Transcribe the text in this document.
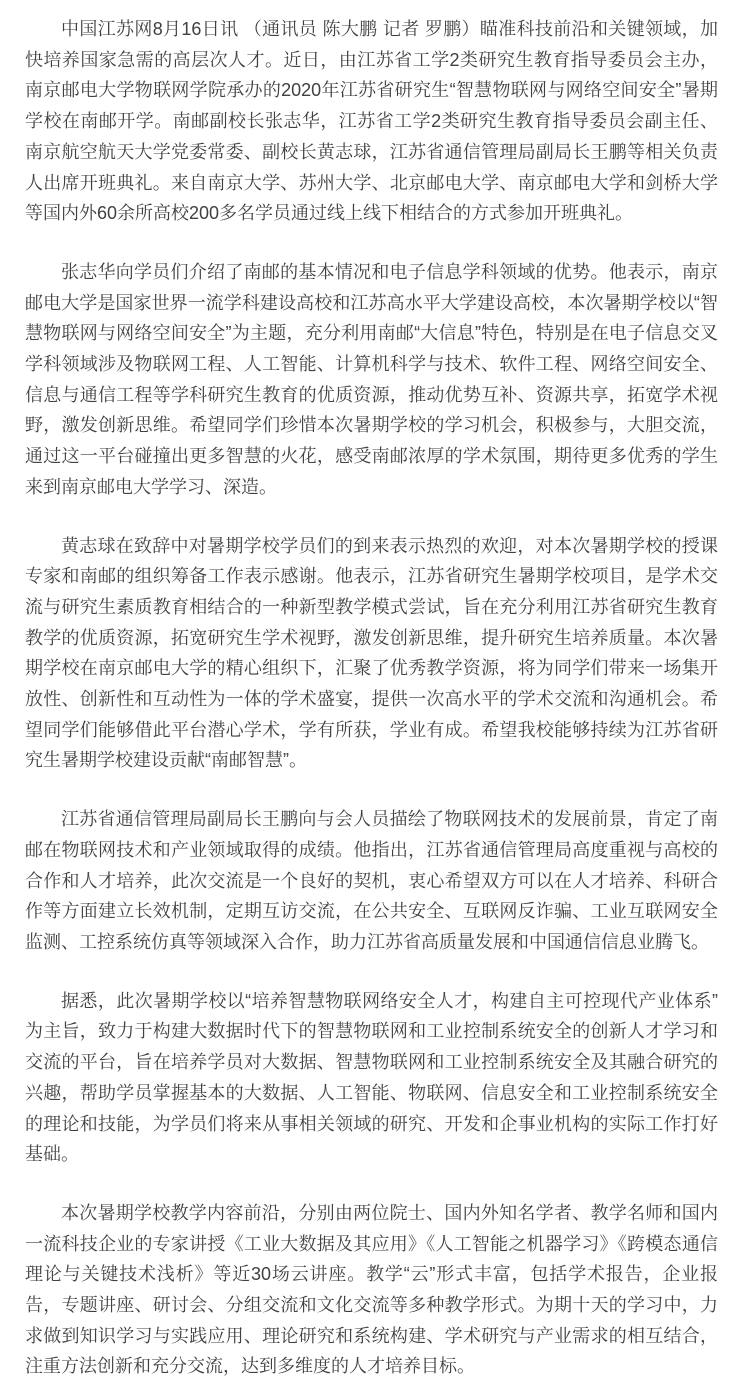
中国江苏网8月16日讯 （通讯员 陈大鹏 记者 罗鹏）瞄准科技前沿和关键领域，加快培养国家急需的高层次人才。近日，由江苏省工学2类研究生教育指导委员会主办，南京邮电大学物联网学院承办的2020年江苏省研究生“智慧物联网与网络空间安全”暑期学校在南邮开学。南邮副校长张志华，江苏省工学2类研究生教育指导委员会副主任、南京航空航天大学党委常委、副校长黄志球，江苏省通信管理局副局长王鹏等相关负责人出席开班典礼。来自南京大学、苏州大学、北京邮电大学、南京邮电大学和剑桥大学等国内外60余所高校200多名学员通过线上线下相结合的方式参加开班典礼。

张志华向学员们介绍了南邮的基本情况和电子信息学科领域的优势。他表示，南京邮电大学是国家世界一流学科建设高校和江苏高水平大学建设高校，本次暑期学校以“智慧物联网与网络空间安全”为主题，充分利用南邮“大信息”特色，特别是在电子信息交叉学科领域涉及物联网工程、人工智能、计算机科学与技术、软件工程、网络空间安全、信息与通信工程等学科研究生教育的优质资源，推动优势互补、资源共享，拓宽学术视野，激发创新思维。希望同学们珍惜本次暑期学校的学习机会，积极参与，大胆交流，通过这一平台碰撞出更多智慧的火花，感受南邮浓厚的学术氛围，期待更多优秀的学生来到南京邮电大学学习、深造。

黄志球在致辞中对暑期学校学员们的到来表示热烈的欢迎，对本次暑期学校的授课专家和南邮的组织筹备工作表示感谢。他表示，江苏省研究生暑期学校项目，是学术交流与研究生素质教育相结合的一种新型教学模式尝试，旨在充分利用江苏省研究生教育教学的优质资源，拓宽研究生学术视野，激发创新思维，提升研究生培养质量。本次暑期学校在南京邮电大学的精心组织下，汇聚了优秀教学资源，将为同学们带来一场集开放性、创新性和互动性为一体的学术盛宴，提供一次高水平的学术交流和沟通机会。希望同学们能够借此平台潜心学术，学有所获，学业有成。希望我校能够持续为江苏省研究生暑期学校建设贡献“南邮智慧”。

江苏省通信管理局副局长王鹏向与会人员描绘了物联网技术的发展前景，肯定了南邮在物联网技术和产业领域取得的成绩。他指出，江苏省通信管理局高度重视与高校的合作和人才培养，此次交流是一个良好的契机，衷心希望双方可以在人才培养、科研合作等方面建立长效机制，定期互访交流，在公共安全、互联网反诈骗、工业互联网安全监测、工控系统仿真等领域深入合作，助力江苏省高质量发展和中国通信信息业腾飞。

据悉，此次暑期学校以“培养智慧物联网络安全人才，构建自主可控现代产业体系”为主旨，致力于构建大数据时代下的智慧物联网和工业控制系统安全的创新人才学习和交流的平台，旨在培养学员对大数据、智慧物联网和工业控制系统安全及其融合研究的兴趣，帮助学员掌握基本的大数据、人工智能、物联网、信息安全和工业控制系统安全的理论和技能，为学员们将来从事相关领域的研究、开发和企事业机构的实际工作打好基础。

本次暑期学校教学内容前沿，分别由两位院士、国内外知名学者、教学名师和国内一流科技企业的专家讲授《工业大数据及其应用》《人工智能之机器学习》《跨模态通信理论与关键技术浅析》等近30场云讲座。教学“云”形式丰富，包括学术报告，企业报告，专题讲座、研讨会、分组交流和文化交流等多种教学形式。为期十天的学习中，力求做到知识学习与实践应用、理论研究和系统构建、学术研究与产业需求的相互结合，注重方法创新和充分交流，达到多维度的人才培养目标。
